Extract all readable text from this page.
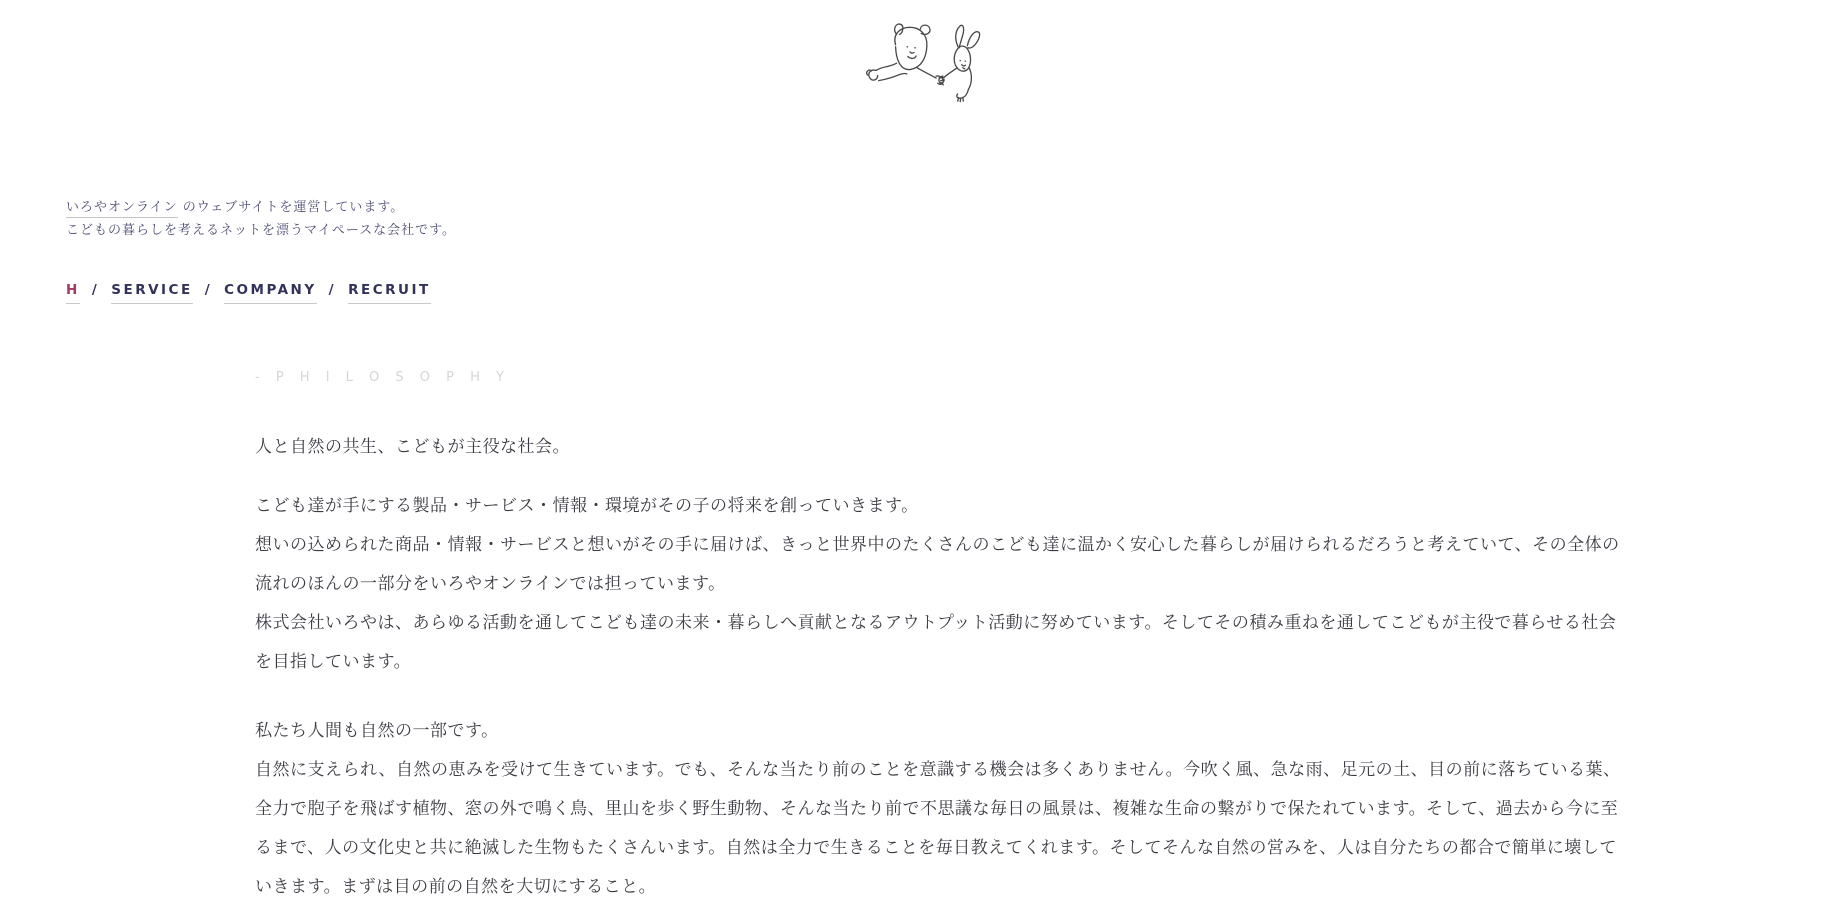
いろやオンライン のウェブサイトを運営しています。
こどもの暮らしを考えるネットを漂うマイペースな会社です。
H / SERVICE / COMPANY / RECRUIT
- P H I L O S O P H Y

人と自然の共生、こどもが主役な社会。

こども達が手にする製品・サービス・情報・環境がその子の将来を創っていきます。

想いの込められた商品・情報・サービスと想いがその手に届けば、きっと世界中のたくさんのこども達に温かく安心した暮らしが届けられるだろうと考えていて、その全体の

流れのほんの一部分をいろやオンラインでは担っています。

株式会社いろやは、あらゆる活動を通してこども達の未来・暮らしへ貢献となるアウトプット活動に努めています。そしてその積み重ねを通してこどもが主役で暮らせる社会

を目指しています。

私たち人間も自然の一部です。

自然に支えられ、自然の恵みを受けて生きています。でも、そんな当たり前のことを意識する機会は多くありません。今吹く風、急な雨、足元の土、目の前に落ちている葉、

全力で胞子を飛ばす植物、窓の外で鳴く鳥、里山を歩く野生動物、そんな当たり前で不思議な毎日の風景は、複雑な生命の繋がりで保たれています。そして、過去から今に至

るまで、人の文化史と共に絶滅した生物もたくさんいます。自然は全力で生きることを毎日教えてくれます。そしてそんな自然の営みを、人は自分たちの都合で簡単に壊して

いきます。まずは目の前の自然を大切にすること。
